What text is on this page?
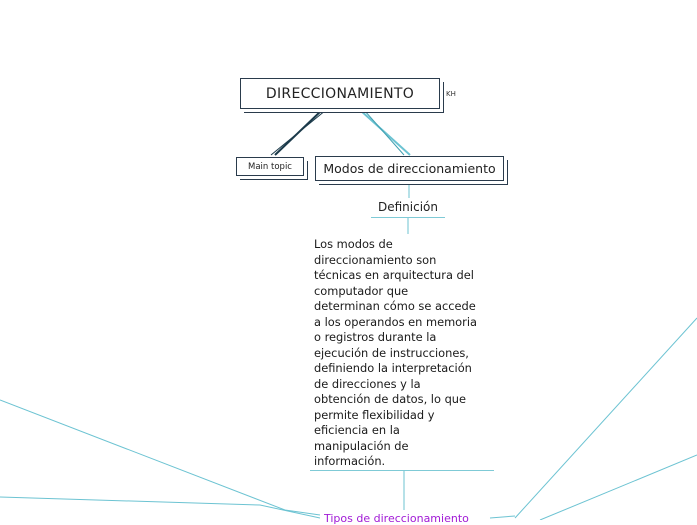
DIRECCIONAMIENTO	KH
Main topic	Modos de direccionamiento
Definición
Los modos de
direccionamiento son
técnicas en arquitectura del
computador que
determinan cómo se accede
a los operandos en memoria
o registros durante la
ejecución de instrucciones,
definiendo la interpretación
de direcciones y la
obtención de datos, lo que
permite flexibilidad y
eficiencia en la
manipulación de
información.
Tipos de direccionamiento
